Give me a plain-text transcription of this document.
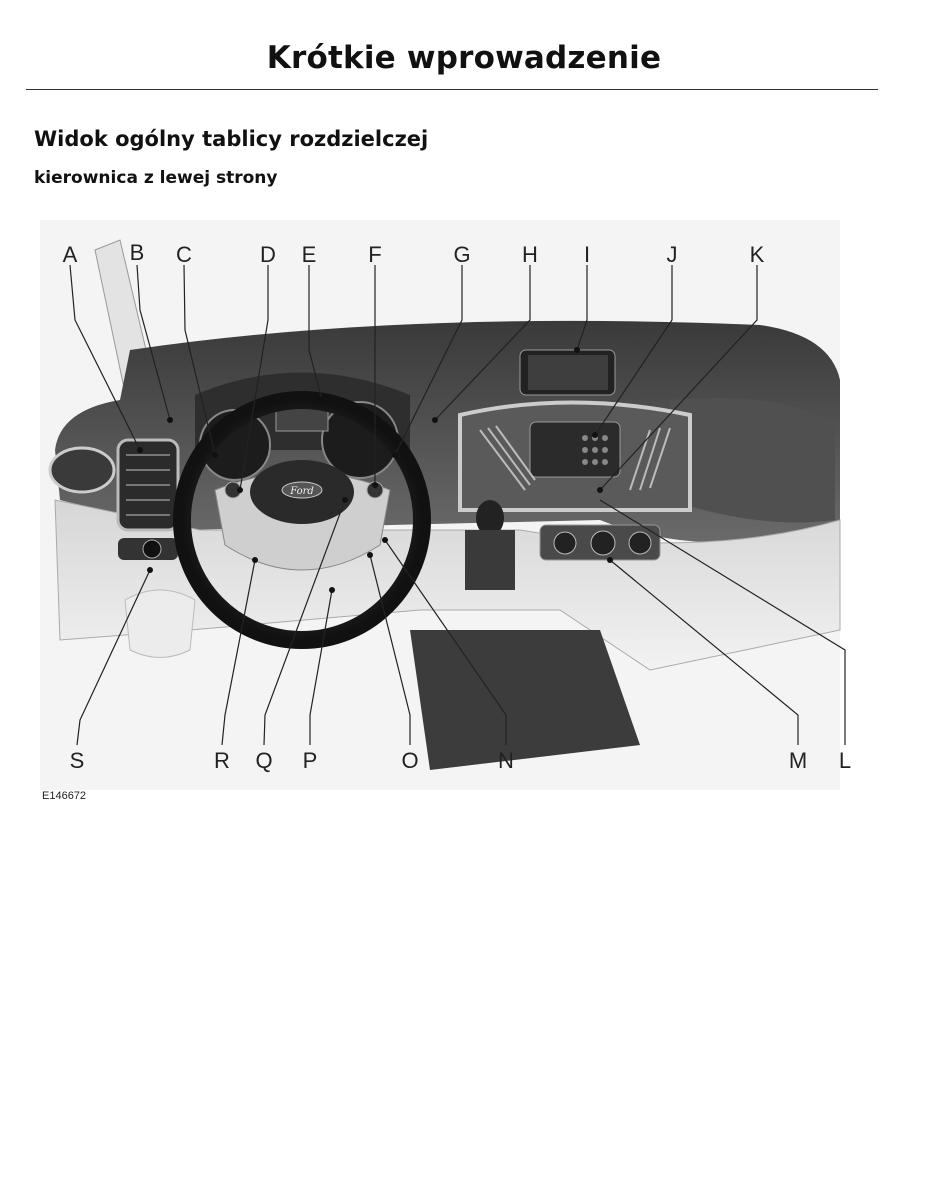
Krótkie wprowadzenie
Widok ogólny tablicy rozdzielczej
kierownica z lewej strony
Ford
A B C	D E F	G H I	J	K
S	R Q P	O	N	M L
E146672
